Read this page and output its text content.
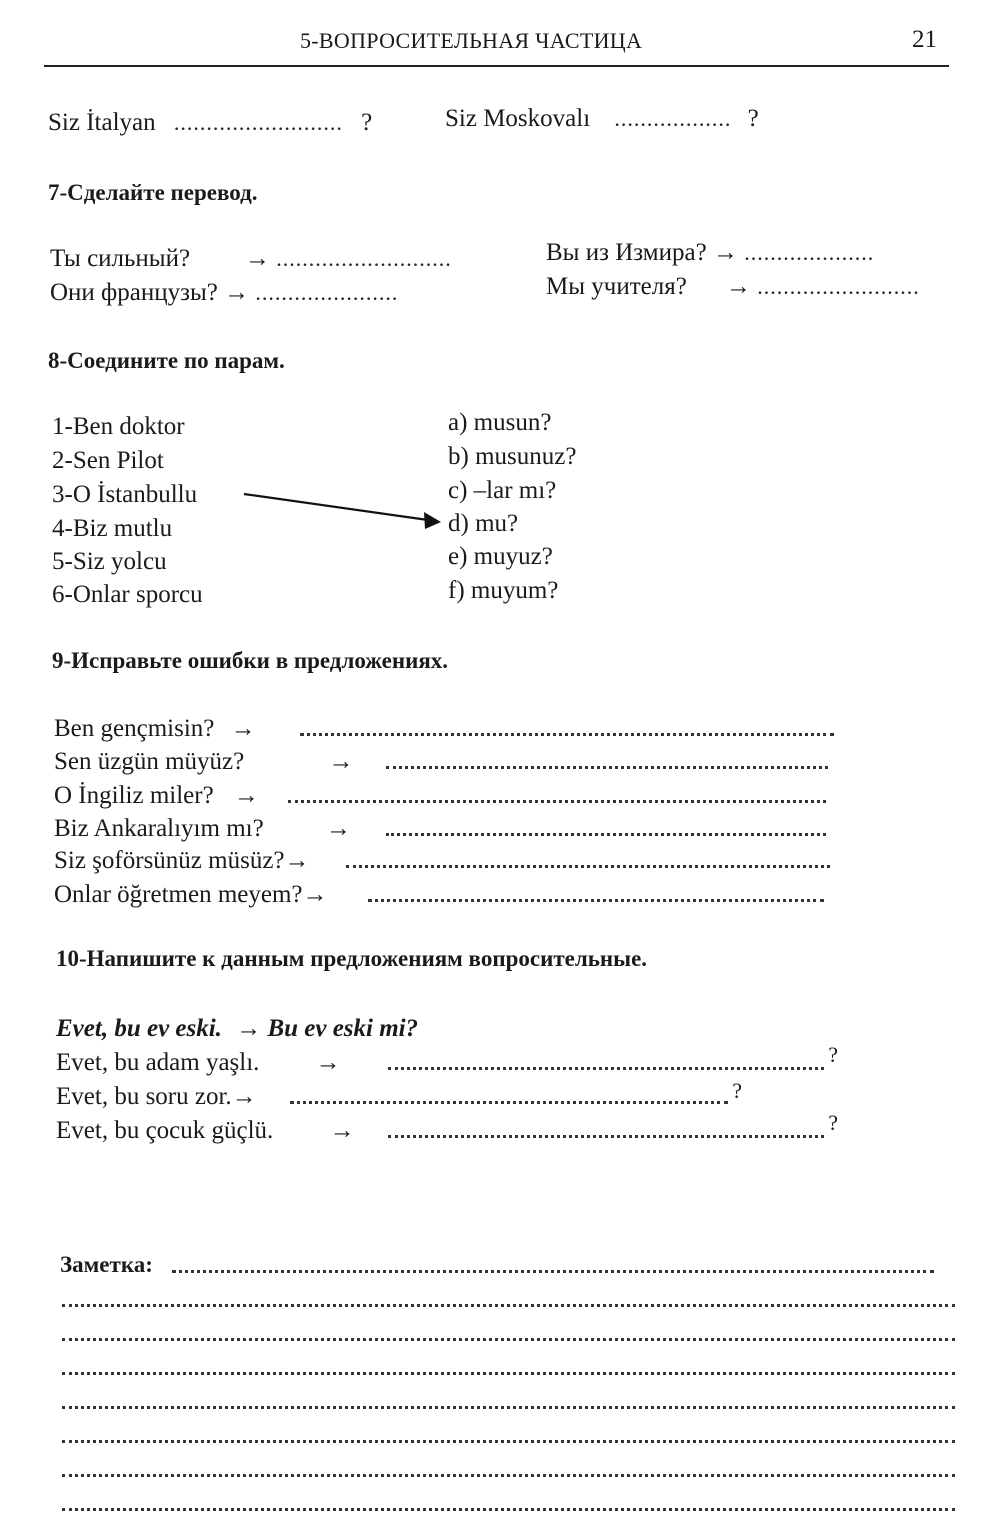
5-ВОПРОСИТЕЛЬНАЯ ЧАСТИЦА	21
Siz İtalyan .......................... ?	Siz Moskovalı .................. ?
7-Сделайте перевод.
Ты сильный? → ...........................
Они французы? → ......................
Вы из Измира? → ....................
Мы учителя? → .........................
8-Соедините по парам.
1-Ben doktor
2-Sen Pilot
3-O İstanbullu
4-Biz mutlu
5-Siz yolcu
6-Onlar sporcu
a) musun?
b) musunuz?
c) –lar mı?
d) mu?
e) muyuz?
f) muyum?
9-Исправьте ошибки в предложениях.
Ben gençmisin? →
Sen üzgün müyüz?	→
O İngiliz miler? →
Biz Ankaralıyım mı? →
Siz şoförsünüz müsüz?→
Onlar öğretmen meyem?→
10-Напишите к данным предложениям вопросительные.
Evet, bu ev eski. → Bu ev eski mi?
Evet, bu adam yaşlı. →	?
Evet, bu soru zor.→	?
Evet, bu çocuk güçlü. →	?
Заметка:
